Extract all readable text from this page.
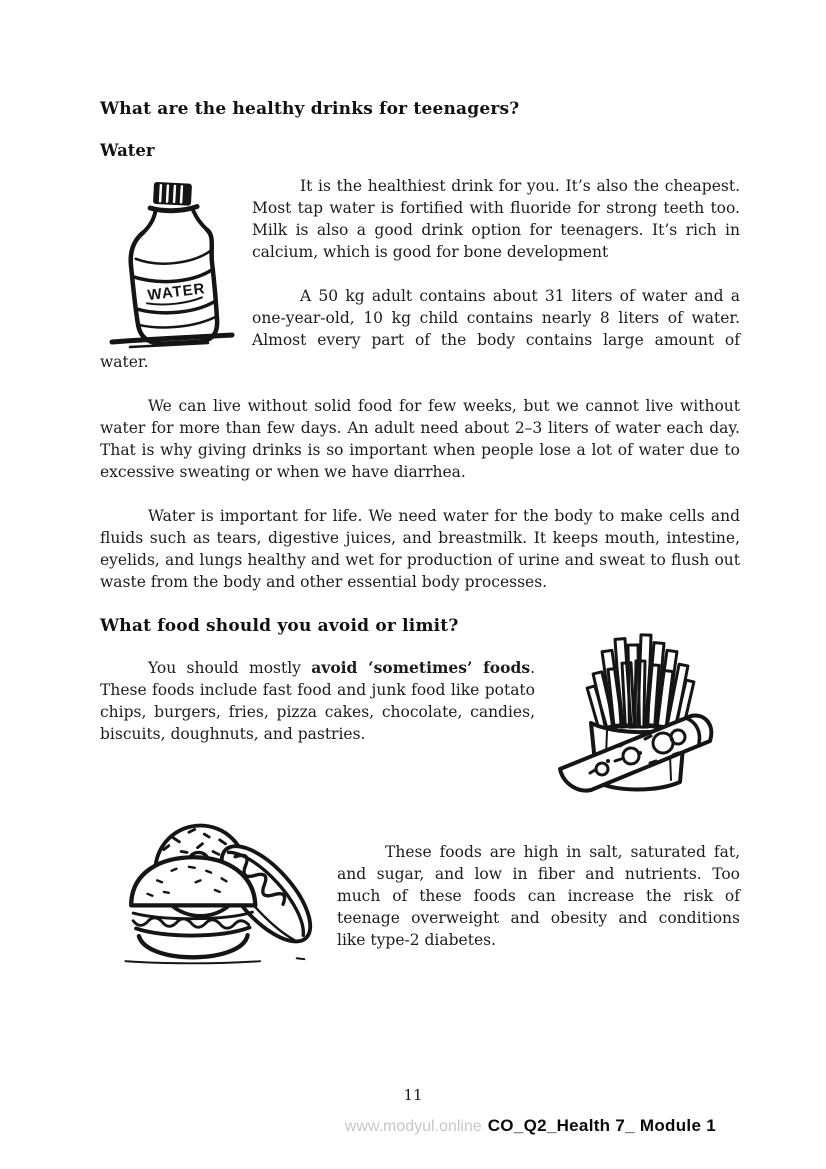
What are the healthy drinks for teenagers?
Water
WATER

It is the healthiest drink for you. It’s also the cheapest. Most tap water is fortified with fluoride for strong teeth too. Milk is also a good drink option for teenagers. It’s rich in calcium, which is good for bone development

A 50 kg adult contains about 31 liters of water and a one-year-old, 10 kg child contains nearly 8 liters of water. Almost every part of the body contains large amount of water.

We can live without solid food for few weeks, but we cannot live without water for more than few days. An adult need about 2–3 liters of water each day. That is why giving drinks is so important when people lose a lot of water due to excessive sweating or when we have diarrhea.

Water is important for life. We need water for the body to make cells and fluids such as tears, digestive juices, and breastmilk. It keeps mouth, intestine, eyelids, and lungs healthy and wet for production of urine and sweat to flush out waste from the body and other essential body processes.

What food should you avoid or limit?

You should mostly avoid ‘sometimes’ foods. These foods include fast food and junk food like potato chips, burgers, fries, pizza cakes, chocolate, candies, biscuits, doughnuts, and pastries.

These foods are high in salt, saturated fat, and sugar, and low in fiber and nutrients. Too much of these foods can increase the risk of teenage overweight and obesity and conditions like type-2 diabetes.

11
www.modyul.online CO_Q2_Health 7_ Module 1
